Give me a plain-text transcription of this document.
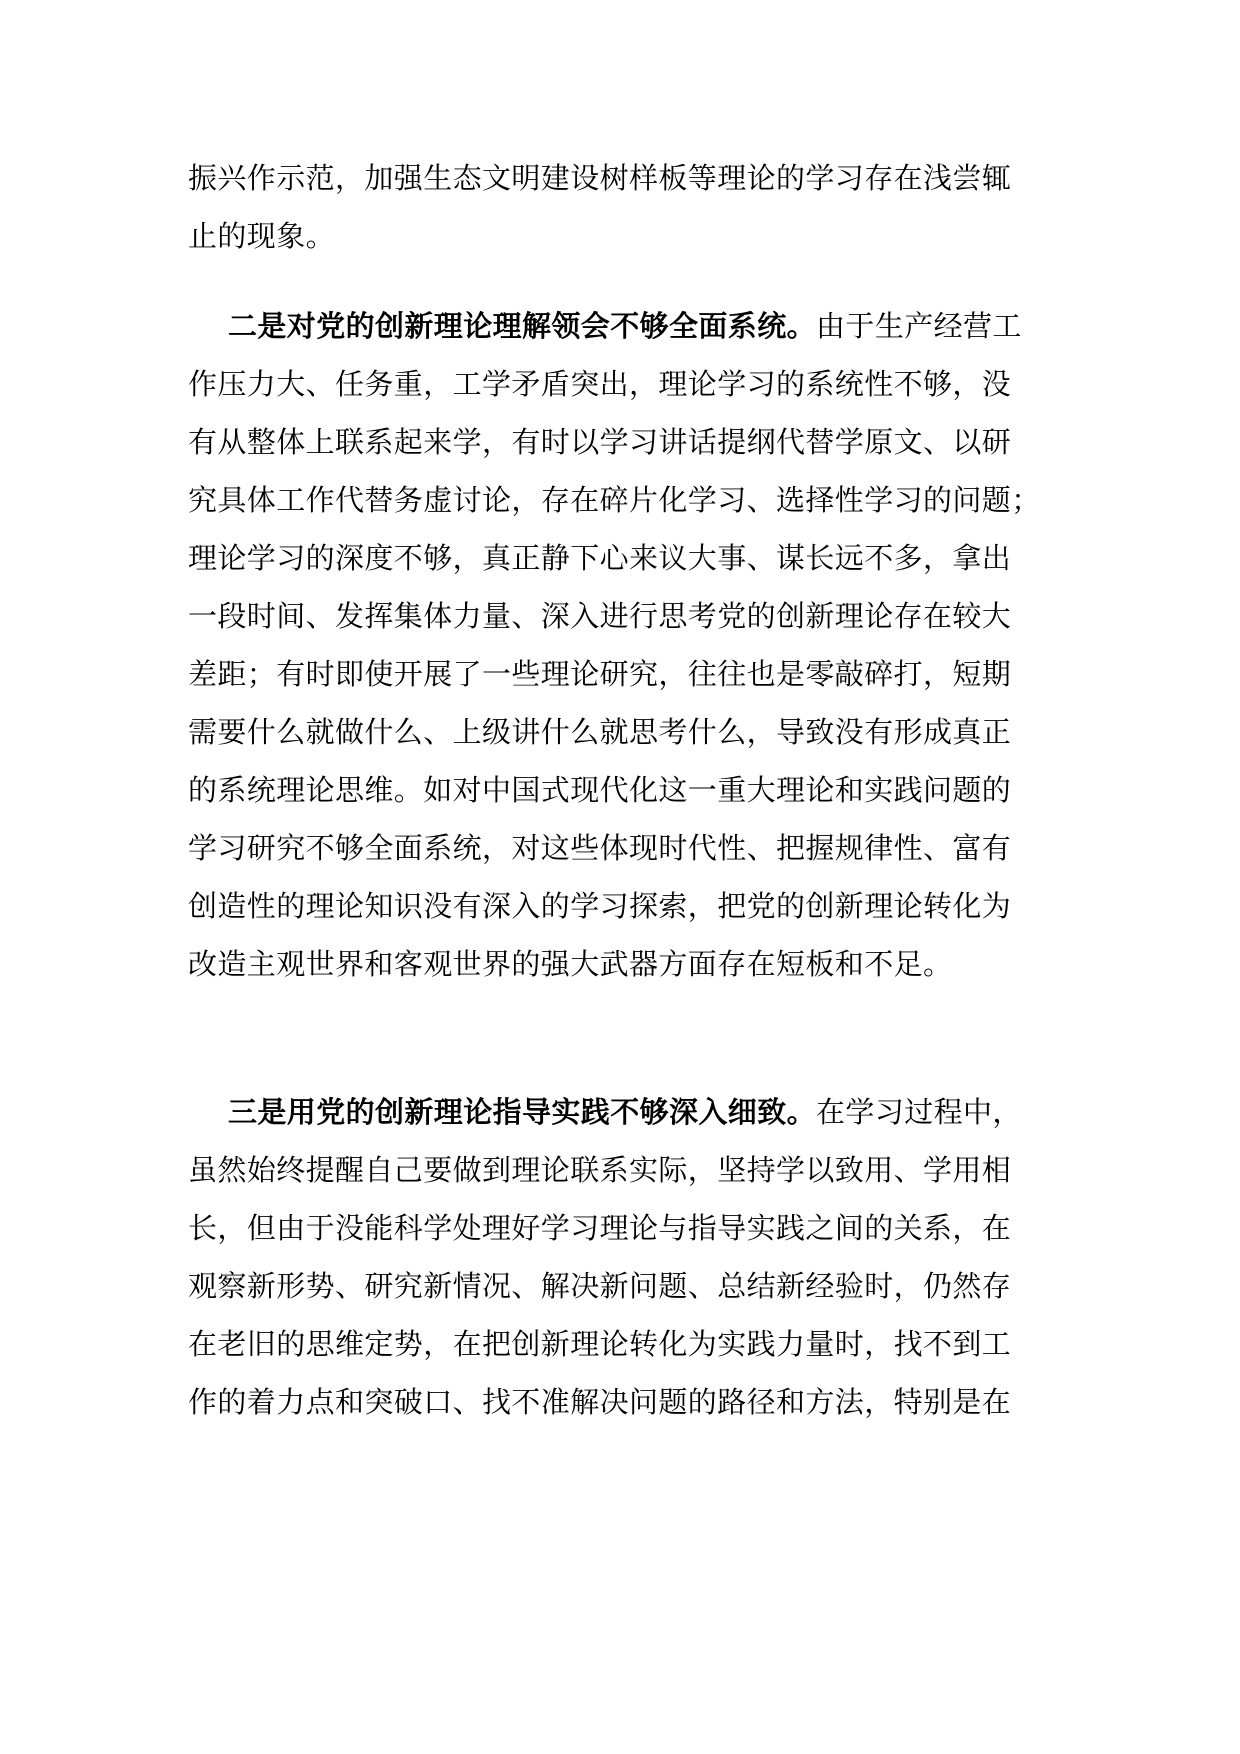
振兴作示范，加强生态文明建设树样板等理论的学习存在浅尝辄
止的现象。
二是对党的创新理论理解领会不够全面系统。由于生产经营工
作压力大、任务重，工学矛盾突出，理论学习的系统性不够，没
有从整体上联系起来学，有时以学习讲话提纲代替学原文、以研
究具体工作代替务虚讨论，存在碎片化学习、选择性学习的问题；
理论学习的深度不够，真正静下心来议大事、谋长远不多，拿出
一段时间、发挥集体力量、深入进行思考党的创新理论存在较大
差距；有时即使开展了一些理论研究，往往也是零敲碎打，短期
需要什么就做什么、上级讲什么就思考什么，导致没有形成真正
的系统理论思维。如对中国式现代化这一重大理论和实践问题的
学习研究不够全面系统，对这些体现时代性、把握规律性、富有
创造性的理论知识没有深入的学习探索，把党的创新理论转化为
改造主观世界和客观世界的强大武器方面存在短板和不足。
三是用党的创新理论指导实践不够深入细致。在学习过程中，
虽然始终提醒自己要做到理论联系实际，坚持学以致用、学用相
长，但由于没能科学处理好学习理论与指导实践之间的关系，在
观察新形势、研究新情况、解决新问题、总结新经验时，仍然存
在老旧的思维定势，在把创新理论转化为实践力量时，找不到工
作的着力点和突破口、找不准解决问题的路径和方法，特别是在
